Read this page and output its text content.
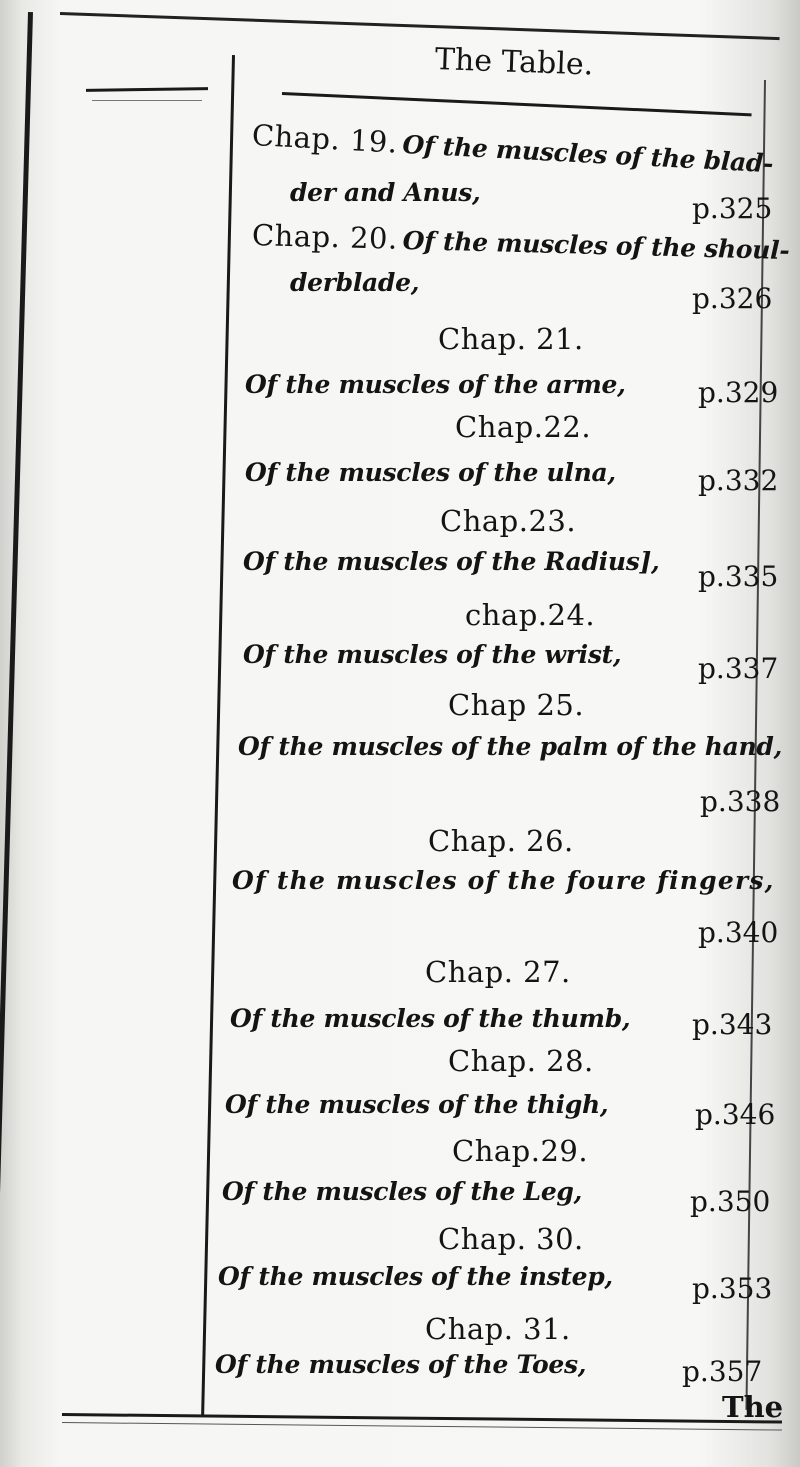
The Table.
Chap. 19. Of the muscles of the blad-
der and Anus,	p.325
Chap. 20. Of the muscles of the shoul-
derblade,	p.326
Chap. 21.
Of the muscles of the arme,	p.329
Chap.22.
Of the muscles of the ulna,	p.332
Chap.23.
Of the muscles of the Radius], p.335
chap.24.
Of the muscles of the wrist,	p.337
Chap 25.
Of the muscles of the palm of the hand,
p.338
Chap. 26.
Of the muscles of the foure fingers,
p.340
Chap. 27.
Of the muscles of the thumb, p.343
Chap. 28.
Of the muscles of the thigh,	p.346
Chap.29.
Of the muscles of the Leg,	p.350
Chap. 30.
Of the muscles of the instep,	p.353
Chap. 31.
Of the muscles of the Toes,	p.357
The
